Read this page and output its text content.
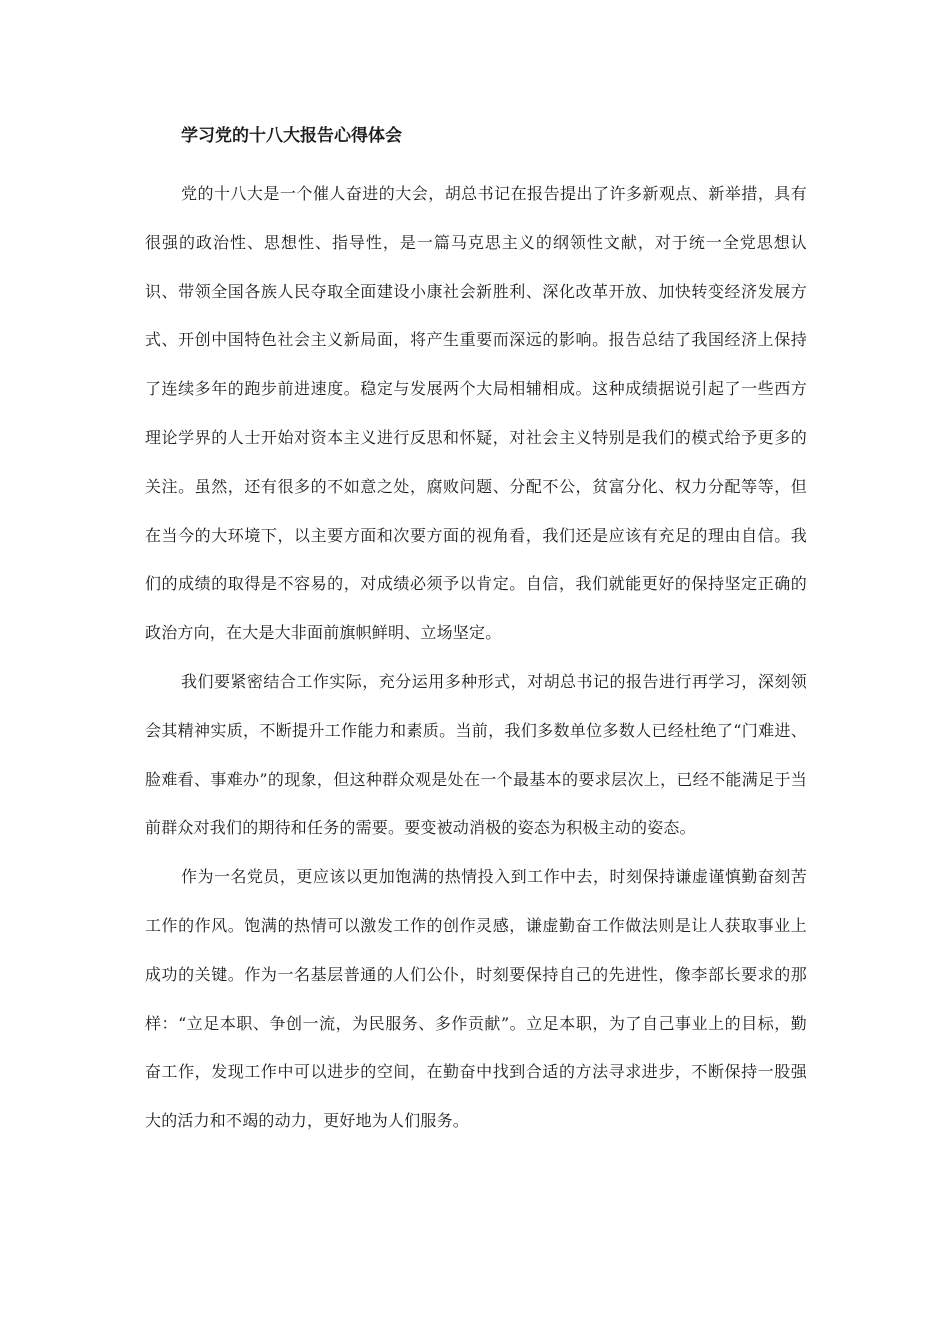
学习党的十八大报告心得体会

党的十八大是一个催人奋进的大会，胡总书记在报告提出了许多新观点、新举措，具有很强的政治性、思想性、指导性，是一篇马克思主义的纲领性文献，对于统一全党思想认识、带领全国各族人民夺取全面建设小康社会新胜利、深化改革开放、加快转变经济发展方式、开创中国特色社会主义新局面，将产生重要而深远的影响。报告总结了我国经济上保持了连续多年的跑步前进速度。稳定与发展两个大局相辅相成。这种成绩据说引起了一些西方理论学界的人士开始对资本主义进行反思和怀疑，对社会主义特别是我们的模式给予更多的关注。虽然，还有很多的不如意之处，腐败问题、分配不公，贫富分化、权力分配等等，但在当今的大环境下，以主要方面和次要方面的视角看，我们还是应该有充足的理由自信。我们的成绩的取得是不容易的，对成绩必须予以肯定。自信，我们就能更好的保持坚定正确的政治方向，在大是大非面前旗帜鲜明、立场坚定。

我们要紧密结合工作实际，充分运用多种形式，对胡总书记的报告进行再学习，深刻领会其精神实质，不断提升工作能力和素质。当前，我们多数单位多数人已经杜绝了“门难进、脸难看、事难办”的现象，但这种群众观是处在一个最基本的要求层次上，已经不能满足于当前群众对我们的期待和任务的需要。要变被动消极的姿态为积极主动的姿态。

作为一名党员，更应该以更加饱满的热情投入到工作中去，时刻保持谦虚谨慎勤奋刻苦工作的作风。饱满的热情可以激发工作的创作灵感，谦虚勤奋工作做法则是让人获取事业上成功的关键。作为一名基层普通的人们公仆，时刻要保持自己的先进性，像李部长要求的那样：“立足本职、争创一流，为民服务、多作贡献”。立足本职，为了自己事业上的目标，勤奋工作，发现工作中可以进步的空间，在勤奋中找到合适的方法寻求进步，不断保持一股强大的活力和不竭的动力，更好地为人们服务。
